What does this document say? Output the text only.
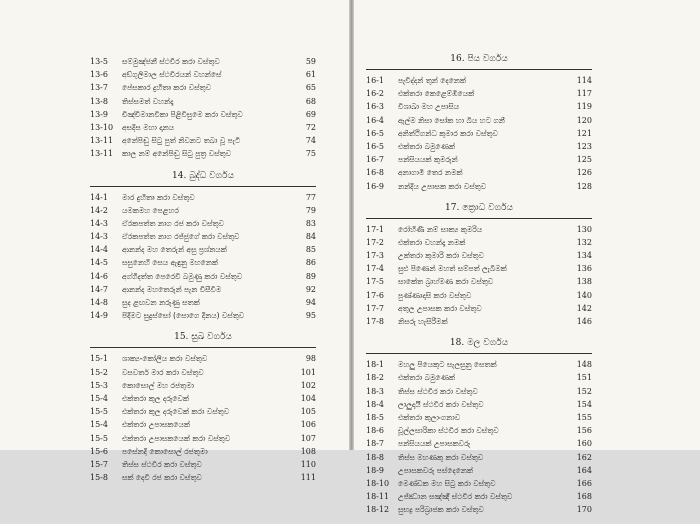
13-5 සම්මුඤ්ජනී ස්ථවිර කරා වස්තුව	59
13-6 අඞ්ගුලිමාල ස්ථවිරයන් වහන්සේ	61
13-7 පේසකාර දුහිතෘ කරා වස්තුව	65
13-8 තිස්සමත් වහන්දෑ	68
13-9 චිඤ්චිමානවිකා පිළිවිසුමෙ කරා වස්තුව	69
13-10 අසදිස මහා දානය	72
13-11 අනේපිඬු සිටු පුත් නිවනට තබා වූ පැටි	74
13-11 කාල නම් අනේපිඬු සිටු පුත්‍ර වස්තුව	75
14. බුද්ධ වර්ගය
14-1 මාර දුහිතෘ කරා වස්තුව	77
14-2 යමකමහ පෙළහර	79
14-3 ඒරකපත්ත නාග රජ කරා වස්තුව	83
14-3 ඒරකපත්ත නාග රජ්ජුගේ කරා වස්තුව	84
14-4 ආනන්ද මහ තෙරුන් අසු ප්‍රශ්නයක්	85
14-5 සසුනෙහි සෙය ඇඳුනු මහනෙක්	86
14-6 අග්ගිදත්ත පෙරෙවි බමුණු කරා වස්තුව	89
14-7 ආනන්ද මහතෙරුන් පැන විසීවීම	92
14-8 සුද ළඟවන නරුණු සතක්	94
14-9 පිදීමට සුදුස්සෝ (සොගෙ දිනය) වස්තුව	95
15. සුඛ වර්ගය
15-1 ශාක්‍ය-කෝලිය කරා වස්තුව	98
15-2 වසවර්ත මාර කරා වස්තුව	101
15-3 කොසොල් මහ රජතුමා	102
15-4 එක්තරා කුල දරුවෙක්	104
15-5 එක්තරා කුල දරුවෙක් කරා වස්තුව	105
15-4 එක්තරා උපාසකයෙක්	106
15-5 එක්තරා උපාසකයෙක් කරා වස්තුව	107
15-6 පසේනදි කොසොල් රජතුමා	108
15-7 තිස්ස ස්ථවිර කරා වස්තුව	110
15-8 සක් දෙවි රජ කරා වස්තුව	111
16. පිය වර්ගය
16-1 පැවිද්දන් තුන් දෙනෙක්	114
16-2 එක්තරා කෙළෙම්ඹියෙක්	117
16-3 විශාඛා මහ උපාසිය	119
16-4 ඇල්ම නිසා සෝක හා බිය හට ගනී	120
16-5 අනිත්ථිගන්ධ කුමාර කරා වස්තුව	121
16-5 එක්තරා බමුණෙක්	123
16-7 පන්සියයක් කුමරුන්	125
16-8 අනාගාමී තෙර නමක්	126
16-9 නන්දිය උපාසක කරා වස්තුව	128
17. ක්‍රොධ වර්ගය
17-1 රෝහිණී නම් සාක්‍ය කුමරිය	130
17-2 එක්තරා වහන්දෑ නමක්	132
17-3 උක්තරා කුමාරි කරා වස්තුව	134
17-4 සුළු පිණෙන් මහත් සම්පත් ලැබීමක්	136
17-5 සාකේත බ්‍රාහ්මණ කරා වස්තුව	138
17-6 පුණ්ණාදාසි කරා වස්තුව	140
17-7 අතුල උපාසක කරා වස්තුව	142
17-8 නිසරු හැසිරීමක්	146
18. මල වර්ගය
18-1 මහලු පියෙකුට සැලසුනු සෙතක්	148
18-2 එක්තරා බමුණෙක්	151
18-3 තිස්ස ස්ථවිර කරා වස්තුව	152
18-4 ලාලුදායී ස්ථවිර කරා වස්තුව	154
18-5 එක්තරා කුලාංගනාව	155
18-6 චූල්ලසාරිකා ස්ථවිර කරා වස්තුව	156
18-7 පන්සියයක් උපාසකවරු	160
18-8 තිස්ස මහණකු කරා වස්තුව	162
18-9 උපාසකවරු පස්දෙනෙක්	164
18-10 මෙණ්ඩක මහ සිටු කරා වස්තුව	166
18-11 උජ්ඣාන සඤ්ඤී ස්ථවිර කරා වස්තුව	168
18-12 සුභද්‍ර පරිබ්‍රාජක කරා වස්තුව	170
